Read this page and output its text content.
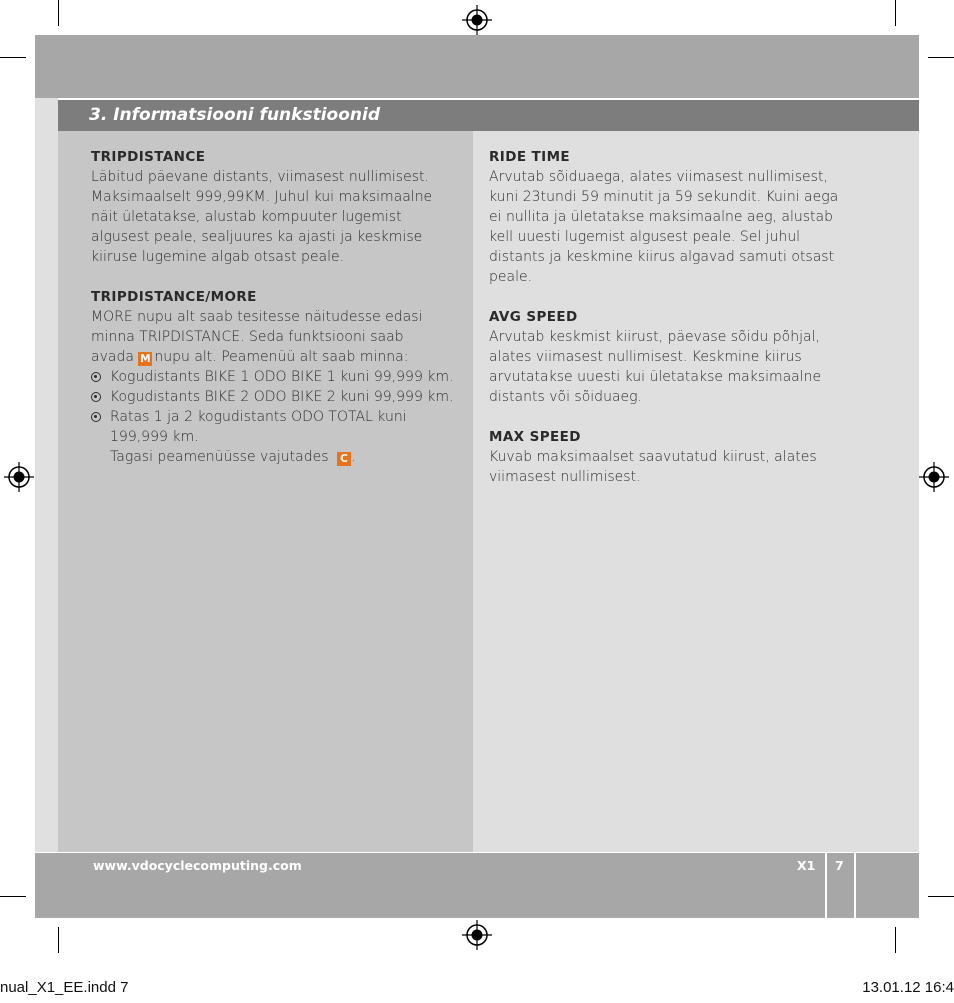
3. Informatsiooni funkstioonid

TRIPDISTANCE

Läbitud päevane distants, viimasest nullimisest.

Maksimaalselt 999,99KM. Juhul kui maksimaalne

näit ületatakse, alustab kompuuter lugemist

algusest peale, sealjuures ka ajasti ja keskmise

kiiruse lugemine algab otsast peale.

TRIPDISTANCE/MORE

MORE nupu alt saab tesitesse näitudesse edasi

minna TRIPDISTANCE. Seda funktsiooni saab

avada M nupu alt. Peamenüü alt saab minna:

Kogudistants BIKE 1 ODO BIKE 1 kuni 99,999 km.
Kogudistants BIKE 2 ODO BIKE 2 kuni 99,999 km.
Ratas 1 ja 2 kogudistants ODO TOTAL kuni

199,999 km.

Tagasi peamenüüsse vajutades C .

RIDE TIME

Arvutab sõiduaega, alates viimasest nullimisest,

kuni 23tundi 59 minutit ja 59 sekundit. Kuini aega

ei nullita ja ületatakse maksimaalne aeg, alustab

kell uuesti lugemist algusest peale. Sel juhul

distants ja keskmine kiirus algavad samuti otsast

peale.

AVG SPEED

Arvutab keskmist kiirust, päevase sõidu põhjal,

alates viimasest nullimisest. Keskmine kiirus

arvutatakse uuesti kui ületatakse maksimaalne

distants või sõiduaeg.

MAX SPEED

Kuvab maksimaalset saavutatud kiirust, alates

viimasest nullimisest.

www.vdocyclecomputing.com	X1 7
nual_X1_EE.indd 7	13.01.12 16:4
